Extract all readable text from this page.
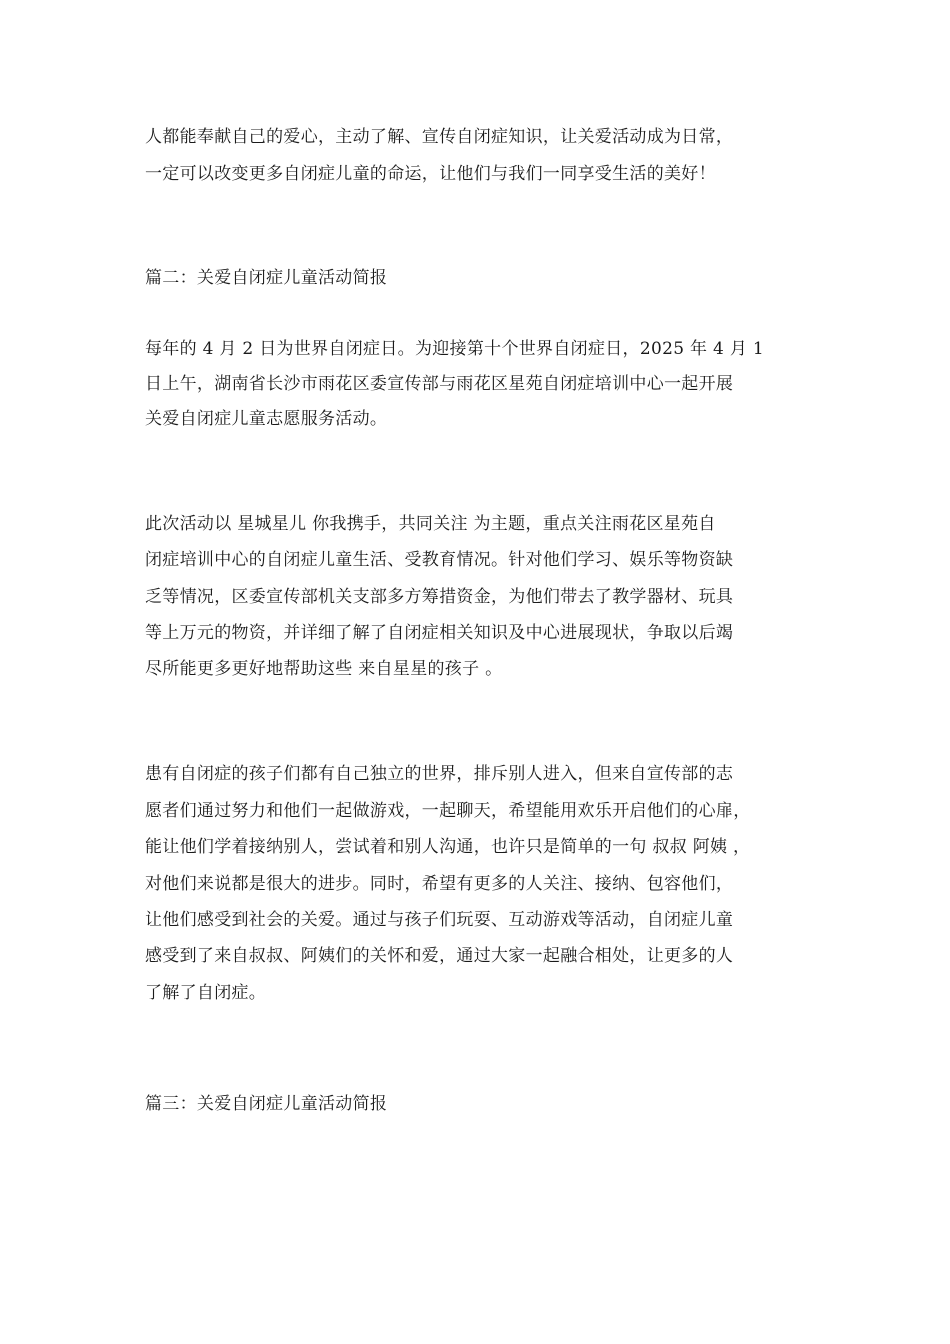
人都能奉献自己的爱心，主动了解、宣传自闭症知识，让关爱活动成为日常，
一定可以改变更多自闭症儿童的命运，让他们与我们一同享受生活的美好！
篇二：关爱自闭症儿童活动简报
每年的 4 月 2 日为世界自闭症日。为迎接第十个世界自闭症日，2025 年 4 月 1
日上午，湖南省长沙市雨花区委宣传部与雨花区星苑自闭症培训中心一起开展
关爱自闭症儿童志愿服务活动。
此次活动以 星城星儿 你我携手，共同关注 为主题，重点关注雨花区星苑自
闭症培训中心的自闭症儿童生活、受教育情况。针对他们学习、娱乐等物资缺
乏等情况，区委宣传部机关支部多方筹措资金，为他们带去了教学器材、玩具
等上万元的物资，并详细了解了自闭症相关知识及中心进展现状，争取以后竭
尽所能更多更好地帮助这些 来自星星的孩子 。
患有自闭症的孩子们都有自己独立的世界，排斥别人进入，但来自宣传部的志
愿者们通过努力和他们一起做游戏，一起聊天，希望能用欢乐开启他们的心扉，
能让他们学着接纳别人，尝试着和别人沟通，也许只是简单的一句 叔叔 阿姨 ，
对他们来说都是很大的进步。同时，希望有更多的人关注、接纳、包容他们，
让他们感受到社会的关爱。通过与孩子们玩耍、互动游戏等活动，自闭症儿童
感受到了来自叔叔、阿姨们的关怀和爱，通过大家一起融合相处，让更多的人
了解了自闭症。
篇三：关爱自闭症儿童活动简报
